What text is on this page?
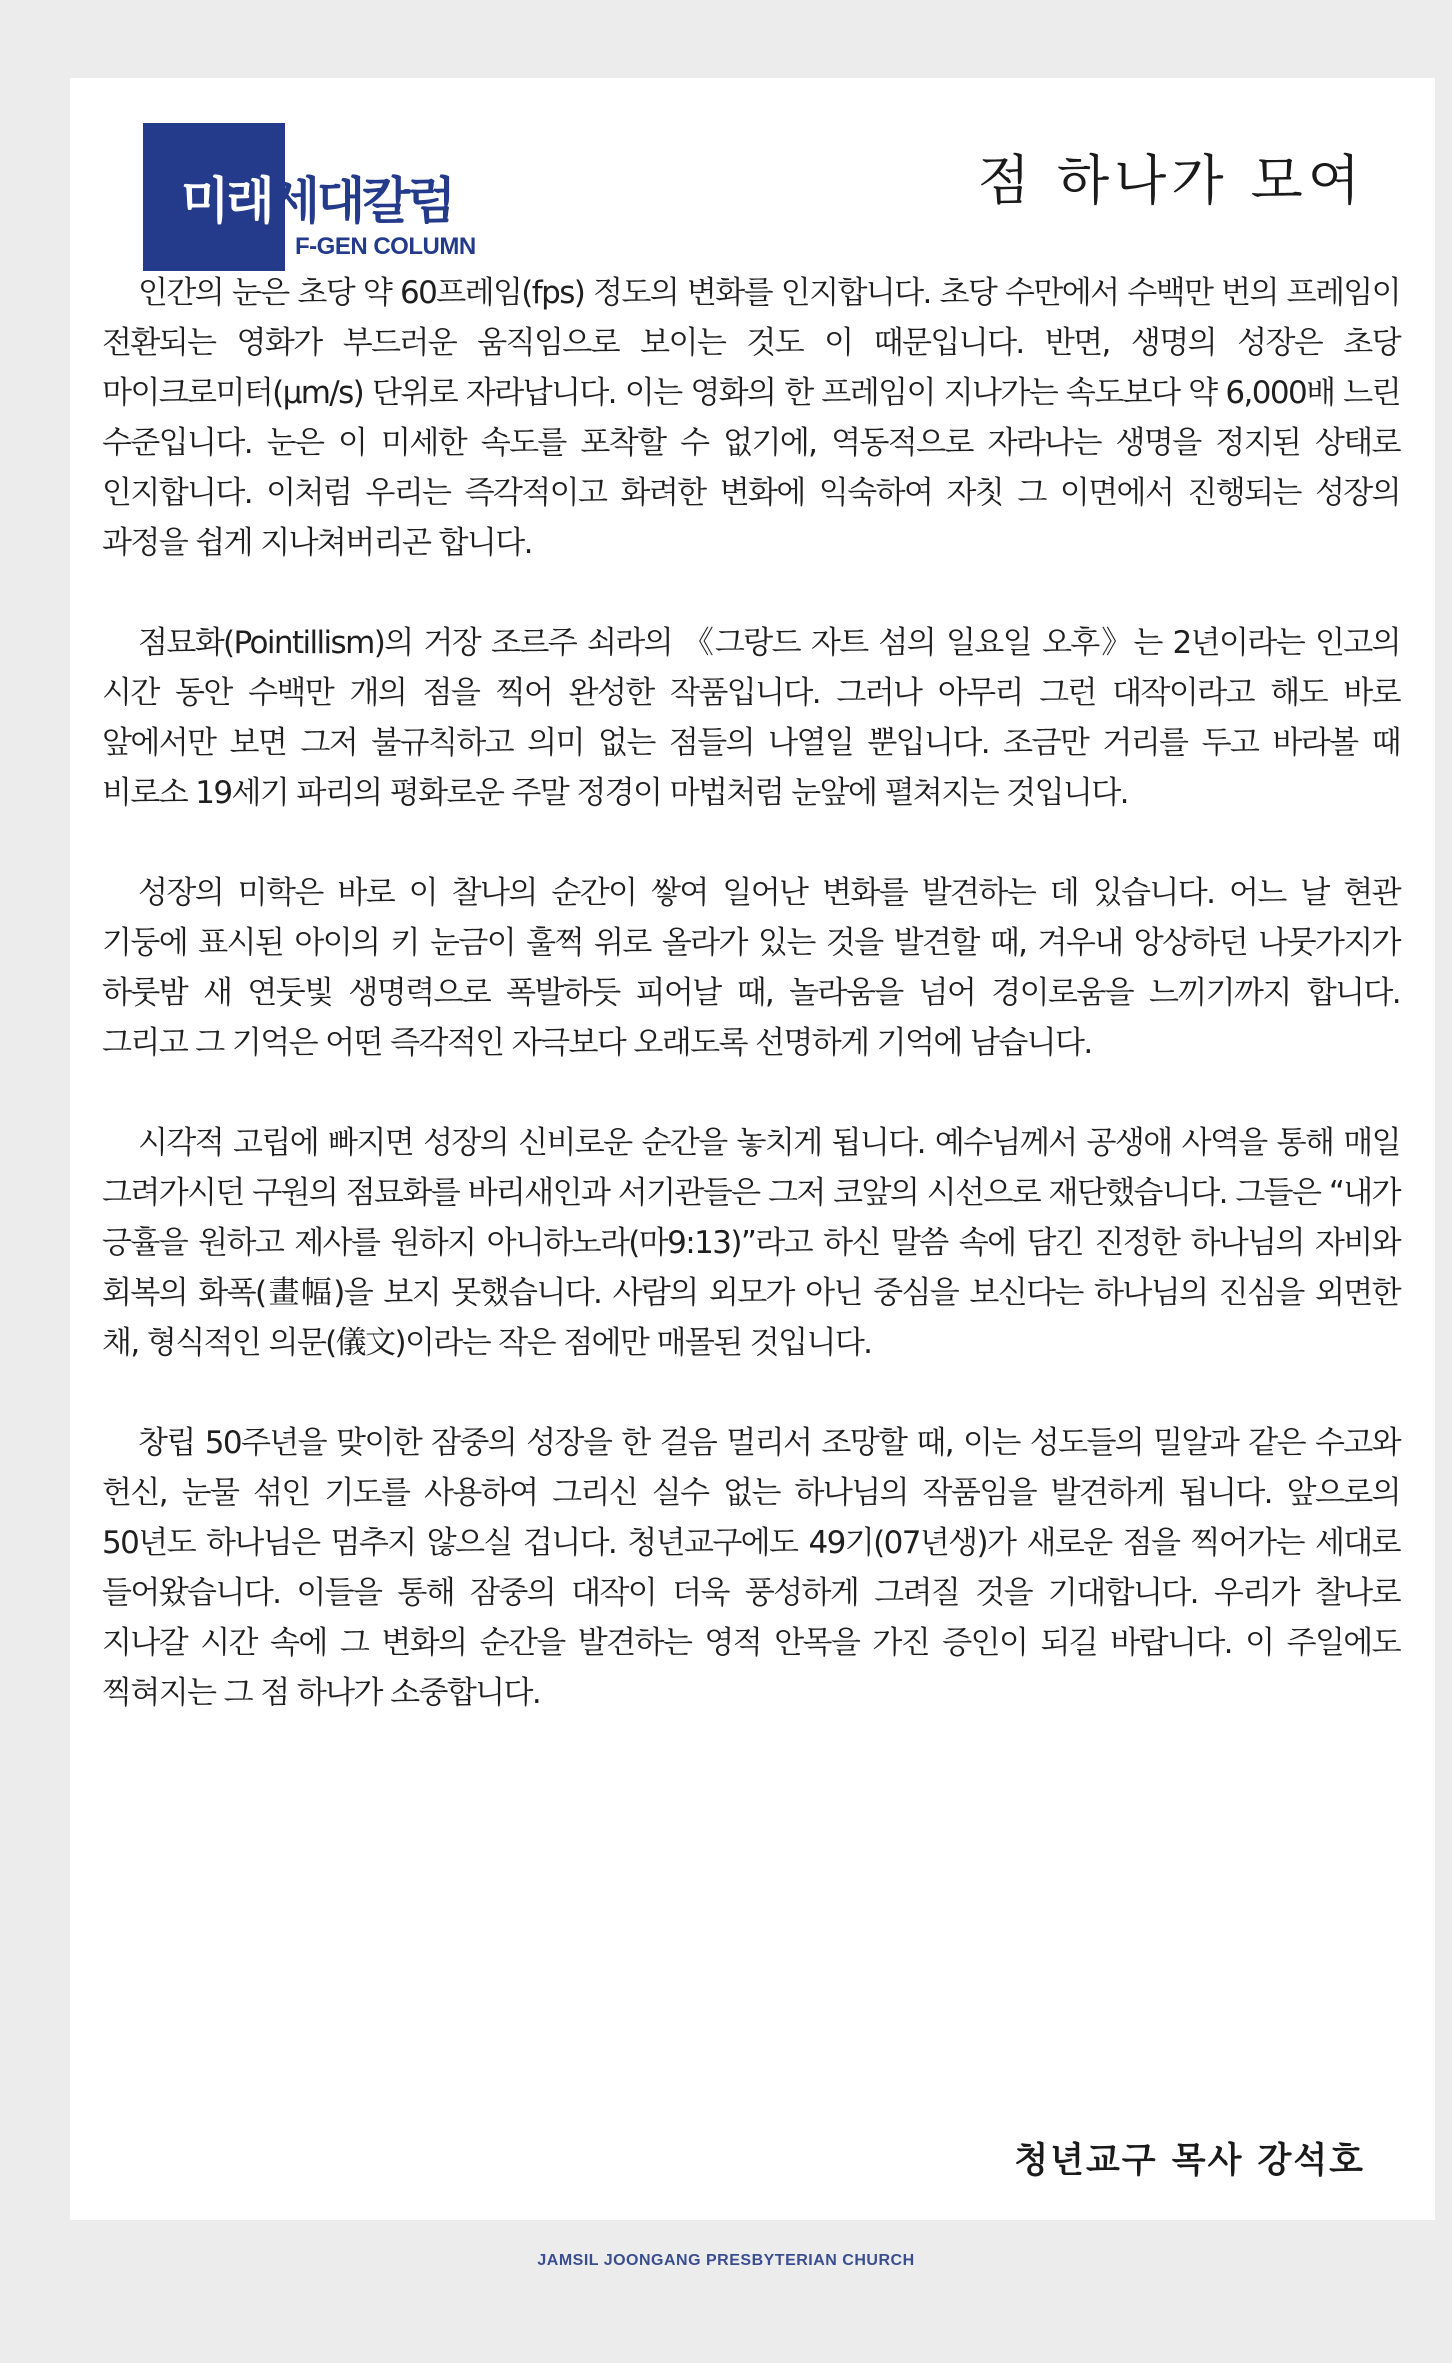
미래세대칼럼
F-GEN COLUMN
점 하나가 모여

인간의 눈은 초당 약 60프레임(fps) 정도의 변화를 인지합니다. 초당 수만에서 수백만 번의 프레임이 전환되는 영화가 부드러운 움직임으로 보이는 것도 이 때문입니다. 반면, 생명의 성장은 초당 마이크로미터(μm/s) 단위로 자라납니다. 이는 영화의 한 프레임이 지나가는 속도보다 약 6,000배 느린 수준입니다. 눈은 이 미세한 속도를 포착할 수 없기에, 역동적으로 자라나는 생명을 정지된 상태로 인지합니다. 이처럼 우리는 즉각적이고 화려한 변화에 익숙하여 자칫 그 이면에서 진행되는 성장의 과정을 쉽게 지나쳐버리곤 합니다.

점묘화(Pointillism)의 거장 조르주 쇠라의 《그랑드 자트 섬의 일요일 오후》는 2년이라는 인고의 시간 동안 수백만 개의 점을 찍어 완성한 작품입니다. 그러나 아무리 그런 대작이라고 해도 바로 앞에서만 보면 그저 불규칙하고 의미 없는 점들의 나열일 뿐입니다. 조금만 거리를 두고 바라볼 때 비로소 19세기 파리의 평화로운 주말 정경이 마법처럼 눈앞에 펼쳐지는 것입니다.

성장의 미학은 바로 이 찰나의 순간이 쌓여 일어난 변화를 발견하는 데 있습니다. 어느 날 현관 기둥에 표시된 아이의 키 눈금이 훌쩍 위로 올라가 있는 것을 발견할 때, 겨우내 앙상하던 나뭇가지가 하룻밤 새 연둣빛 생명력으로 폭발하듯 피어날 때, 놀라움을 넘어 경이로움을 느끼기까지 합니다. 그리고 그 기억은 어떤 즉각적인 자극보다 오래도록 선명하게 기억에 남습니다.

시각적 고립에 빠지면 성장의 신비로운 순간을 놓치게 됩니다. 예수님께서 공생애 사역을 통해 매일 그려가시던 구원의 점묘화를 바리새인과 서기관들은 그저 코앞의 시선으로 재단했습니다. 그들은 “내가 긍휼을 원하고 제사를 원하지 아니하노라(마9:13)”라고 하신 말씀 속에 담긴 진정한 하나님의 자비와 회복의 화폭(畫幅)을 보지 못했습니다. 사람의 외모가 아닌 중심을 보신다는 하나님의 진심을 외면한 채, 형식적인 의문(儀文)이라는 작은 점에만 매몰된 것입니다.

창립 50주년을 맞이한 잠중의 성장을 한 걸음 멀리서 조망할 때, 이는 성도들의 밀알과 같은 수고와 헌신, 눈물 섞인 기도를 사용하여 그리신 실수 없는 하나님의 작품임을 발견하게 됩니다. 앞으로의 50년도 하나님은 멈추지 않으실 겁니다. 청년교구에도 49기(07년생)가 새로운 점을 찍어가는 세대로 들어왔습니다. 이들을 통해 잠중의 대작이 더욱 풍성하게 그려질 것을 기대합니다. 우리가 찰나로 지나갈 시간 속에 그 변화의 순간을 발견하는 영적 안목을 가진 증인이 되길 바랍니다. 이 주일에도 찍혀지는 그 점 하나가 소중합니다.

청년교구 목사 강석호
JAMSIL JOONGANG PRESBYTERIAN CHURCH
